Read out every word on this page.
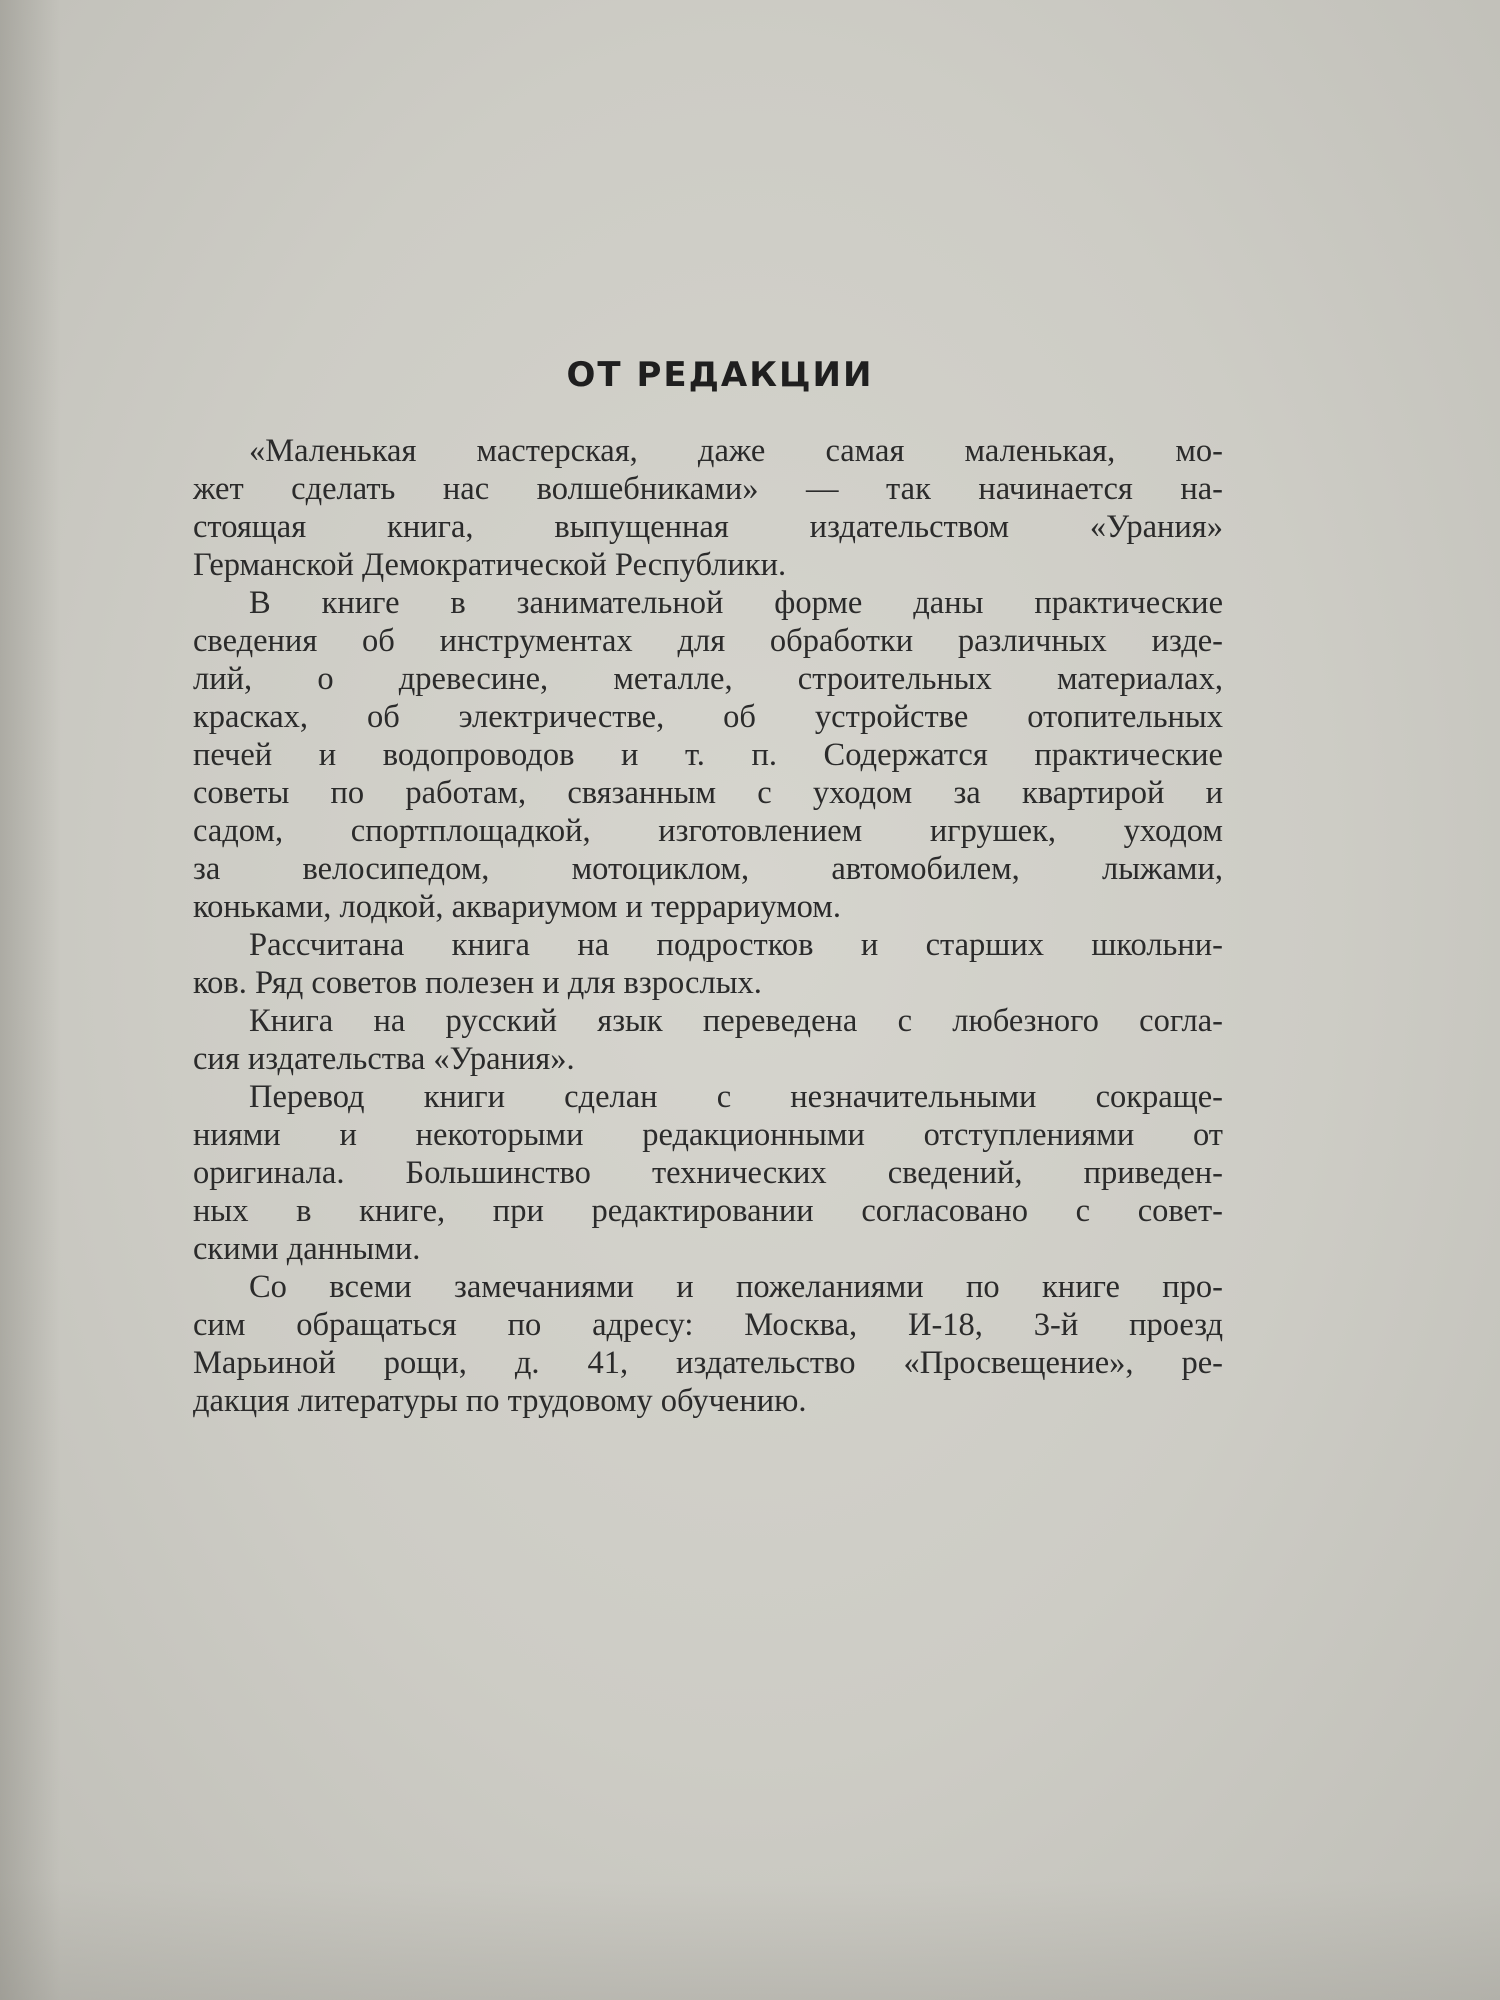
ОТ РЕДАКЦИИ
«Маленькая мастерская, даже самая маленькая, мо-
жет сделать нас волшебниками» — так начинается на-
стоящая книга, выпущенная издательством «Урания»
Германской Демократической Республики.
В книге в занимательной форме даны практические
сведения об инструментах для обработки различных изде-
лий, о древесине, металле, строительных материалах,
красках, об электричестве, об устройстве отопительных
печей и водопроводов и т. п. Содержатся практические
советы по работам, связанным с уходом за квартирой и
садом, спортплощадкой, изготовлением игрушек, уходом
за велосипедом, мотоциклом, автомобилем, лыжами,
коньками, лодкой, аквариумом и террариумом.
Рассчитана книга на подростков и старших школьни-
ков. Ряд советов полезен и для взрослых.
Книга на русский язык переведена с любезного согла-
сия издательства «Урания».
Перевод книги сделан с незначительными сокраще-
ниями и некоторыми редакционными отступлениями от
оригинала. Большинство технических сведений, приведен-
ных в книге, при редактировании согласовано с совет-
скими данными.
Со всеми замечаниями и пожеланиями по книге про-
сим обращаться по адресу: Москва, И-18, 3-й проезд
Марьиной рощи, д. 41, издательство «Просвещение», ре-
дакция литературы по трудовому обучению.
